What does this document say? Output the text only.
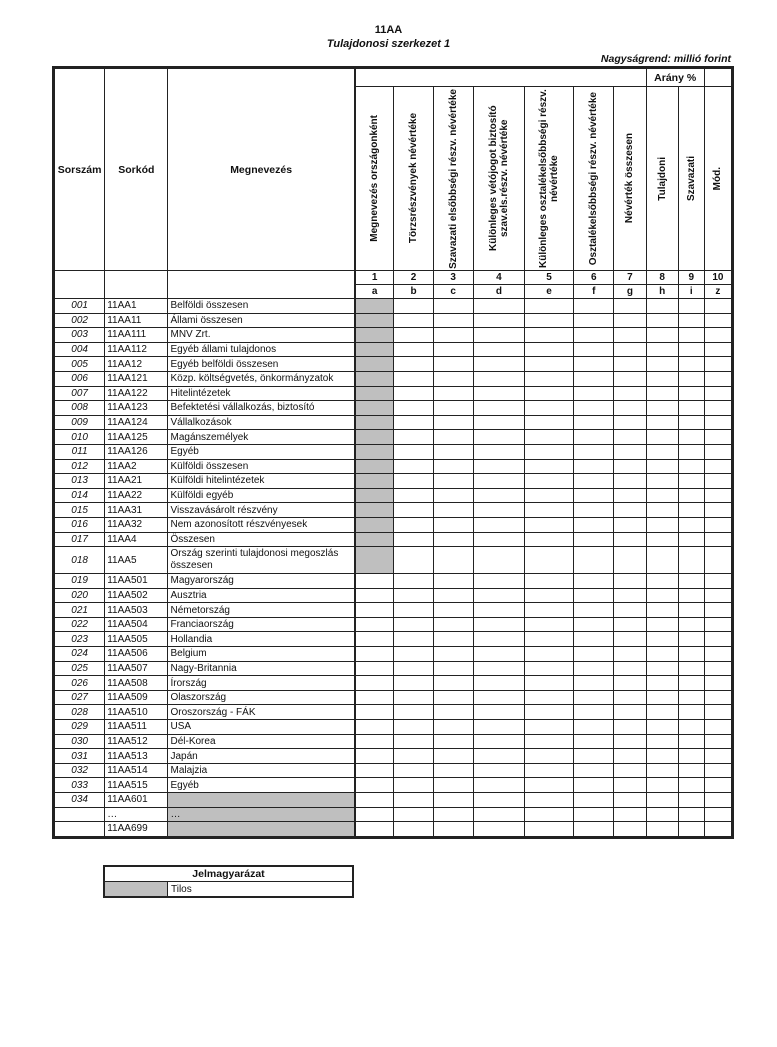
11AA
Tulajdonosi szerkezet 1
Nagyságrend: millió forint
Sorszám	Sorkód	Megnevezés								Arány %		

			Megnevezés országonként	Törzsrészvények névértéke	Szavazati elsőbbségi részv. névértéke	Különleges vétójogot biztosító szav.els.részv. névértéke	Különleges osztalékelsőbbségi részv. névértéke	Osztalékelsőbbségi részv. névértéke	Névérték összesen	Tulajdoni	Szavazati	Mód.

			1	2	3	4	5	6	7	8	9	10
			a	b	c	d	e	f	g	h	i	z
001	11AA1	Belföldi összesen										
002	11AA11	Állami összesen										
003	11AA111	MNV Zrt.										
004	11AA112	Egyéb állami tulajdonos										
005	11AA12	Egyéb belföldi összesen										
006	11AA121	Közp. költségvetés, önkormányzatok										
007	11AA122	Hitelintézetek										
008	11AA123	Befektetési vállalkozás, biztosító										
009	11AA124	Vállalkozások										
010	11AA125	Magánszemélyek										
011	11AA126	Egyéb										
012	11AA2	Külföldi összesen										
013	11AA21	Külföldi hitelintézetek										
014	11AA22	Külföldi egyéb										
015	11AA31	Visszavásárolt részvény										
016	11AA32	Nem azonosított részvényesek										
017	11AA4	Összesen										
018	11AA5	Ország szerinti tulajdonosi megoszlás összesen										
019	11AA501	Magyarország										
020	11AA502	Ausztria										
021	11AA503	Németország										
022	11AA504	Franciaország										
023	11AA505	Hollandia										
024	11AA506	Belgium										
025	11AA507	Nagy-Britannia										
026	11AA508	Írország										
027	11AA509	Olaszország										
028	11AA510	Oroszország - FÁK										
029	11AA511	USA										
030	11AA512	Dél-Korea										
031	11AA513	Japán										
032	11AA514	Malajzia										
033	11AA515	Egyéb										
034	11AA601											
	…	…										
	11AA699											
Jelmagyarázat
	Tilos
